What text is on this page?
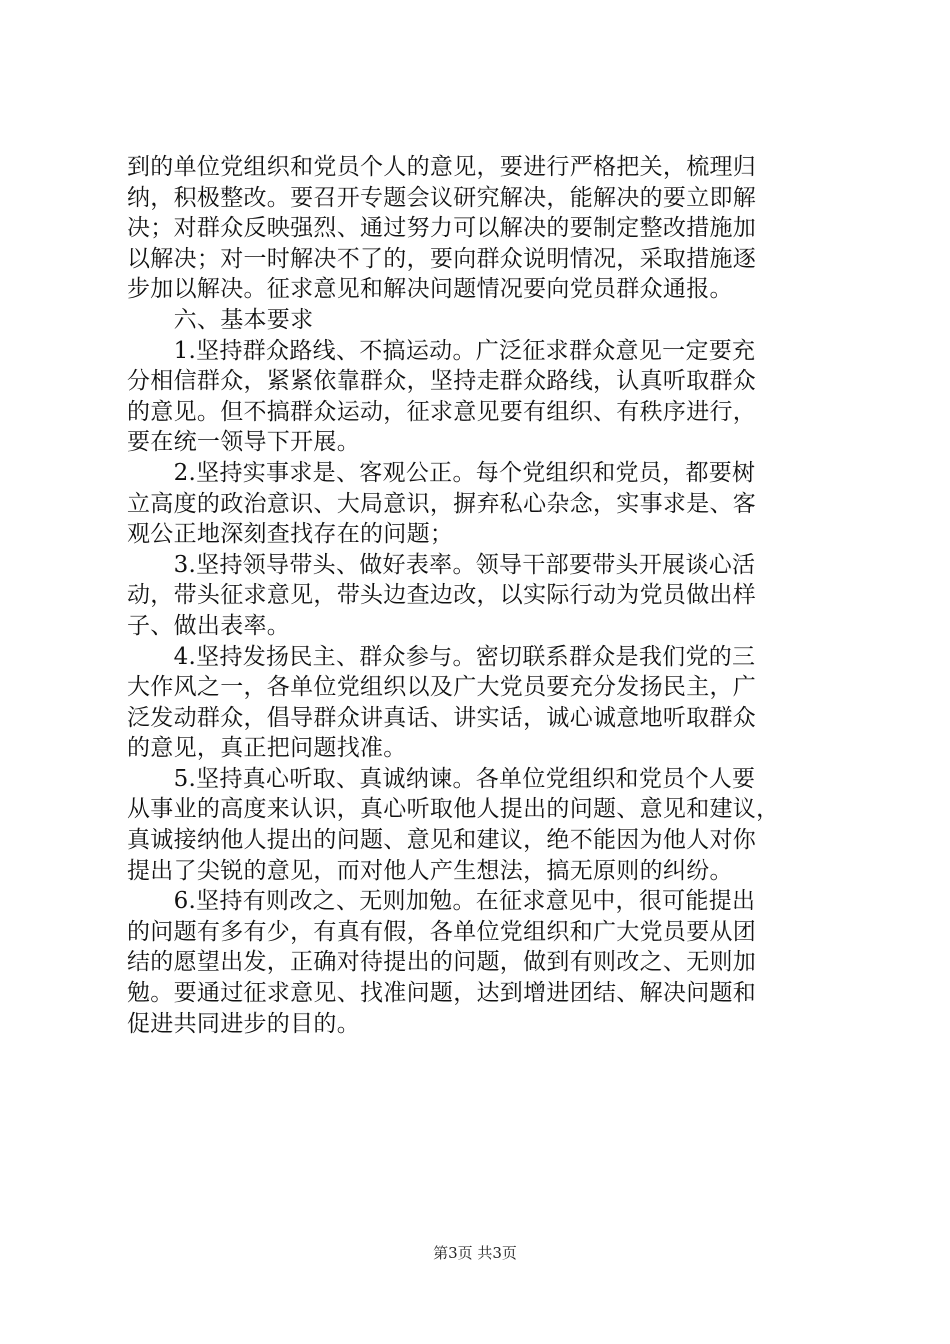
到的单位党组织和党员个人的意见，要进行严格把关，梳理归
纳，积极整改。要召开专题会议研究解决，能解决的要立即解
决；对群众反映强烈、通过努力可以解决的要制定整改措施加
以解决；对一时解决不了的，要向群众说明情况，采取措施逐
步加以解决。征求意见和解决问题情况要向党员群众通报。
　　六、基本要求
　　1.坚持群众路线、不搞运动。广泛征求群众意见一定要充
分相信群众，紧紧依靠群众，坚持走群众路线，认真听取群众
的意见。但不搞群众运动，征求意见要有组织、有秩序进行，
要在统一领导下开展。
　　2.坚持实事求是、客观公正。每个党组织和党员，都要树
立高度的政治意识、大局意识，摒弃私心杂念，实事求是、客
观公正地深刻查找存在的问题；
　　3.坚持领导带头、做好表率。领导干部要带头开展谈心活
动，带头征求意见，带头边查边改，以实际行动为党员做出样
子、做出表率。
　　4.坚持发扬民主、群众参与。密切联系群众是我们党的三
大作风之一，各单位党组织以及广大党员要充分发扬民主，广
泛发动群众，倡导群众讲真话、讲实话，诚心诚意地听取群众
的意见，真正把问题找准。
　　5.坚持真心听取、真诚纳谏。各单位党组织和党员个人要
从事业的高度来认识，真心听取他人提出的问题、意见和建议，
真诚接纳他人提出的问题、意见和建议，绝不能因为他人对你
提出了尖锐的意见，而对他人产生想法，搞无原则的纠纷。
　　6.坚持有则改之、无则加勉。在征求意见中，很可能提出
的问题有多有少，有真有假，各单位党组织和广大党员要从团
结的愿望出发，正确对待提出的问题，做到有则改之、无则加
勉。要通过征求意见、找准问题，达到增进团结、解决问题和
促进共同进步的目的。
第3页 共3页
